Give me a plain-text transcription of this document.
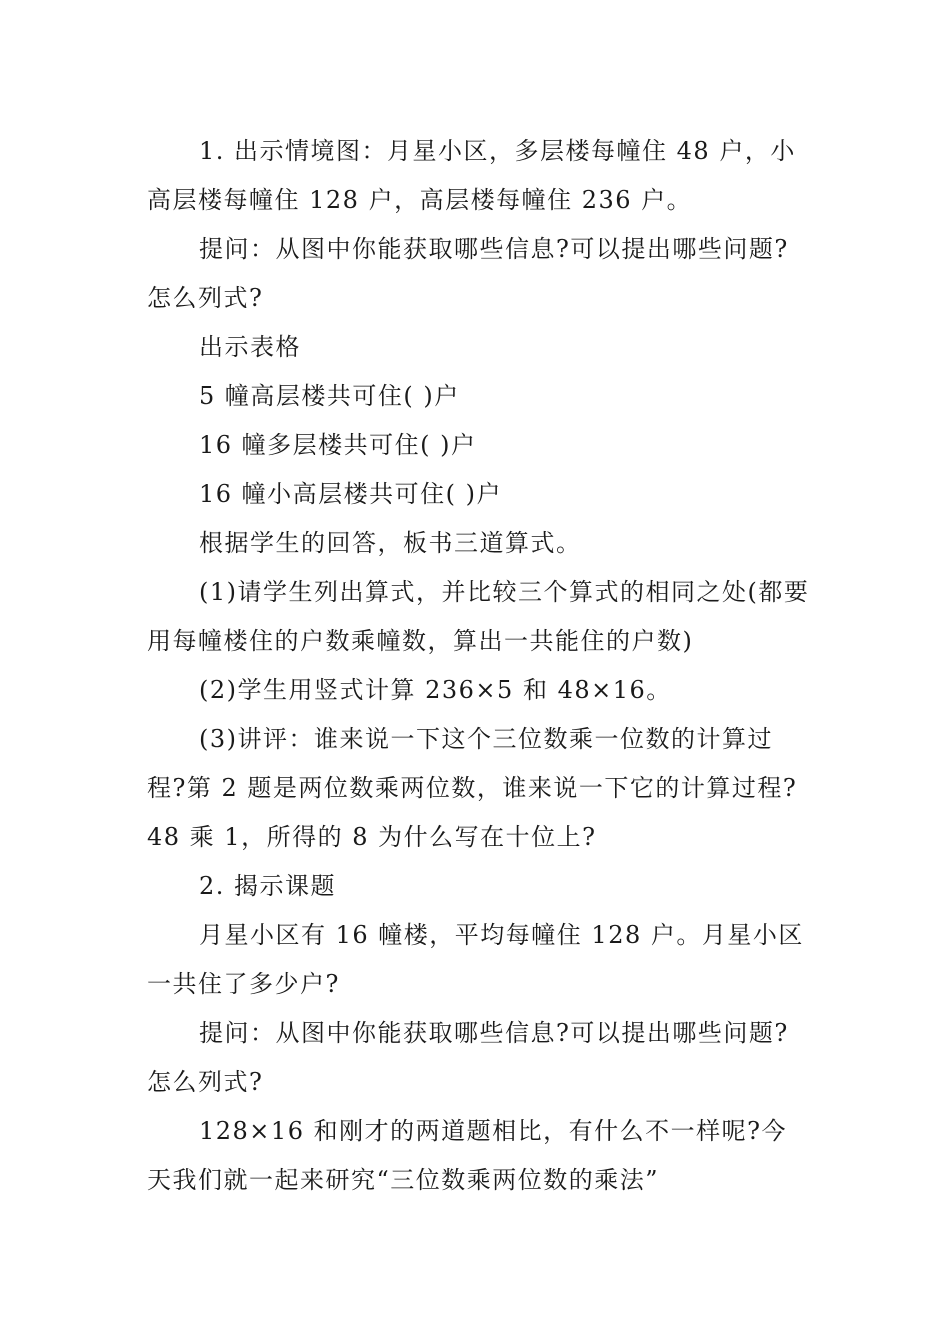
1. 出示情境图：月星小区，多层楼每幢住 48 户，小高层楼每幢住 128 户，高层楼每幢住 236 户。

提问：从图中你能获取哪些信息?可以提出哪些问题?怎么列式?

出示表格

5 幢高层楼共可住( )户

16 幢多层楼共可住( )户

16 幢小高层楼共可住( )户

根据学生的回答，板书三道算式。

(1)请学生列出算式，并比较三个算式的相同之处(都要用每幢楼住的户数乘幢数，算出一共能住的户数)

(2)学生用竖式计算 236×5 和 48×16。

(3)讲评：谁来说一下这个三位数乘一位数的计算过程?第 2 题是两位数乘两位数，谁来说一下它的计算过程?48 乘 1，所得的 8 为什么写在十位上?

2. 揭示课题

月星小区有 16 幢楼，平均每幢住 128 户。月星小区一共住了多少户?

提问：从图中你能获取哪些信息?可以提出哪些问题?怎么列式?

128×16 和刚才的两道题相比，有什么不一样呢?今天我们就一起来研究“三位数乘两位数的乘法”
